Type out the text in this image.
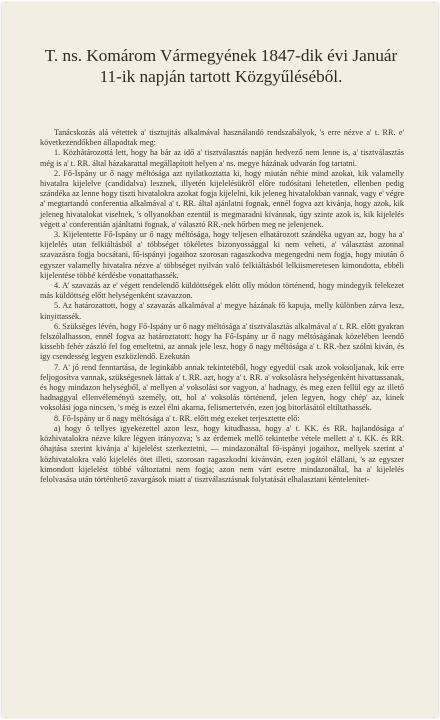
T. ns. Komárom Vármegyének 1847-dik évi Január 11-ik napján tartott Közgyűléséből.

Tanácskozás alá vétettek a' tisztujitás alkalmával használandó rendszabályok, 's erre nézve a' t. RR. e' következendőkben állapodtak meg:

1. Közhátározottá lett, hogy ha bár az idő a' tisztválasztás napján hedvező nem lenne is, a' tisztválasztás még is a' t. RR. által házakarattal megállapított helyen a' ns. megye házának udvarán fog tartatni.

2. Fő-Ispány ur ő nagy méltósága azt nyilatkoztatta ki, hogy miután néhie mind azokat, kik valamelly hivatalra kijelelve (candidalva) lesznek, illyetén kijelelésükről előre tudósítani lehetetlen, ellenben pedig szándéka az lenne hogy tiszti hivatalokra azokat fogja kijelelni, kik jeleneg hivatalokban vannak, vagy e' végre a' megtartandó conferentia alkalmával a' t. RR. által ajánlatni fognak, ennél fogva azt kivánja, hogy azok, kik jeleneg hivatalokat viselnek, 's ollyanokban ezentül is megmaradni kivánnak, úgy szinte azok is, kik kijelelés végett a' conferentián ajánltatni fognak, a' választó RR.-nek hőrben meg ne jelenjenek.

3. Kijelentette Fő-Ispány ur ő nagy méltósága, hogy teljesen elhatározott szándéka ugyan az, hogy ha a' kijelelés utan felkiáltásból a' többséget tökéletes bizonyossággal ki nem veheti, a' választást azonnal szavazásra fogja bocsátani, fő-ispányi jogaihoz szorosan ragaszkodva megengedni nem fogja, hogy miután ő egyszer valamelly hivatalra nézve a' többséget nyilván való felkiáltásból lelkiismeretesen kimondotta, ebbéli kijelentése többé kérdésbe vonattathassék.

4. A' szavazás az e' végett rendelendő küldöttségek előtt olly módon történend, hogy mindegyik felekezet más küldöttség előtt helységenként szavazzon.

5. Az határozattott, hogy a' szavazás alkalmával a' megye házának fő kapuja, melly különben zárva lesz, kinyittassék.

6. Szükséges lévén, hogy Fő-Ispány ur ő nagy méltósága a' tisztválasztás alkalmával a' t. RR. előtt gyakran felszólalhasson, ennél fogva az határoztatott: hogy ha Fő-Ispány ur ő nagy méltóságának közelében leendő kissebb fehér zászló fel fog emeltetni, az annak jele lesz, hogy ő nagy méltósága a' t. RR.-hez szólni kiván, és igy csendesség legyen eszközlendő. Ezekután

7. A' jó rend fenntartása, de leginkább annak tekintetéből, hogy egyedül csak azok voksoljanak, kik erre feljogosítva vannak, szükségesnek láttak a' t. RR. azt, hogy a' t. RR. a' voksolásra helységenként hivattassanak, és hogy mindazon helységből, a' mellyen a' voksolási sor vagyon, a' hadnagy, és meg ezen fellül egy az illető hadnaggyal ellenvéleményü személy, ott, hol a' voksolás történend, jelen legyen, hogy chép' az, kinek voksolási joga nincsen, 's még is ezzel élni akarna, felismertetvén, ezen jog bitorlásától eltiltathassék.

8. Fő-Ispány ur ő nagy méltósága a' t. RR. előtt még ezeket terjesztette elő:

a) hogy ő tellyes igyekezettel azon lesz, hogy kitudhassa, hogy a' t. KK. és RR. hajlandósága a' közhivatalokra nézve kikre légyen irányozva; 's az érdemek mellő tekintetbe vétele mellett a' t. KK. és RR. óhajtása szerint kivánja a' kijelelést szerkeztetni, — mindazonáltal fő-ispányi jogaihoz, mellyek szerint a' közhivatalokra való kijelelés ötet illeti, szorosan ragaszkodni kivánván, ezen jogától elállani, 's az egyszer kimondott kijelelést többé változtatni nem fogja; azon nem várt esetre mindazonáltal, ha a' kijelelés felolvasása után történhető zavargások miatt a' tisztválasztásnak folytatását elhalasztani kéntelenitet-
